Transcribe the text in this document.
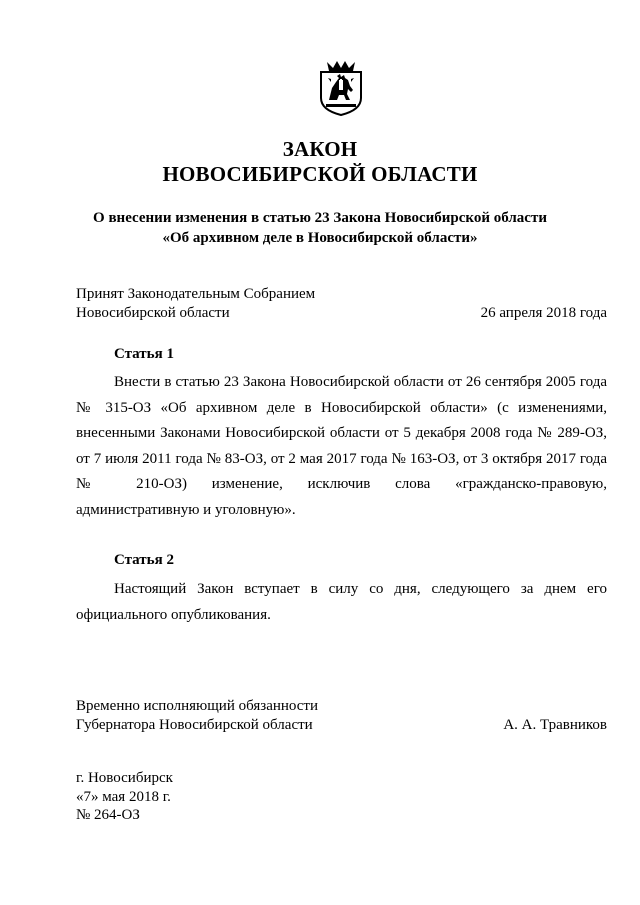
ЗАКОН
НОВОСИБИРСКОЙ ОБЛАСТИ
О внесении изменения в статью 23 Закона Новосибирской области
«Об архивном деле в Новосибирской области»
Принят Законодательным Собранием
Новосибирской области	26 апреля 2018 года
Статья 1
Внести в статью 23 Закона Новосибирской области от 26 сентября 2005 года № 315-ОЗ «Об архивном деле в Новосибирской области» (с изменениями, внесенными Законами Новосибирской области от 5 декабря 2008 года № 289-ОЗ, от 7 июля 2011 года № 83-ОЗ, от 2 мая 2017 года № 163-ОЗ, от 3 октября 2017 года № 210-ОЗ) изменение, исключив слова «гражданско-правовую, административную и уголовную».
Статья 2
Настоящий Закон вступает в силу со дня, следующего за днем его официального опубликования.
Временно исполняющий обязанности
Губернатора Новосибирской области	А. А. Травников
г. Новосибирск
«7» мая 2018 г.
№ 264-ОЗ
